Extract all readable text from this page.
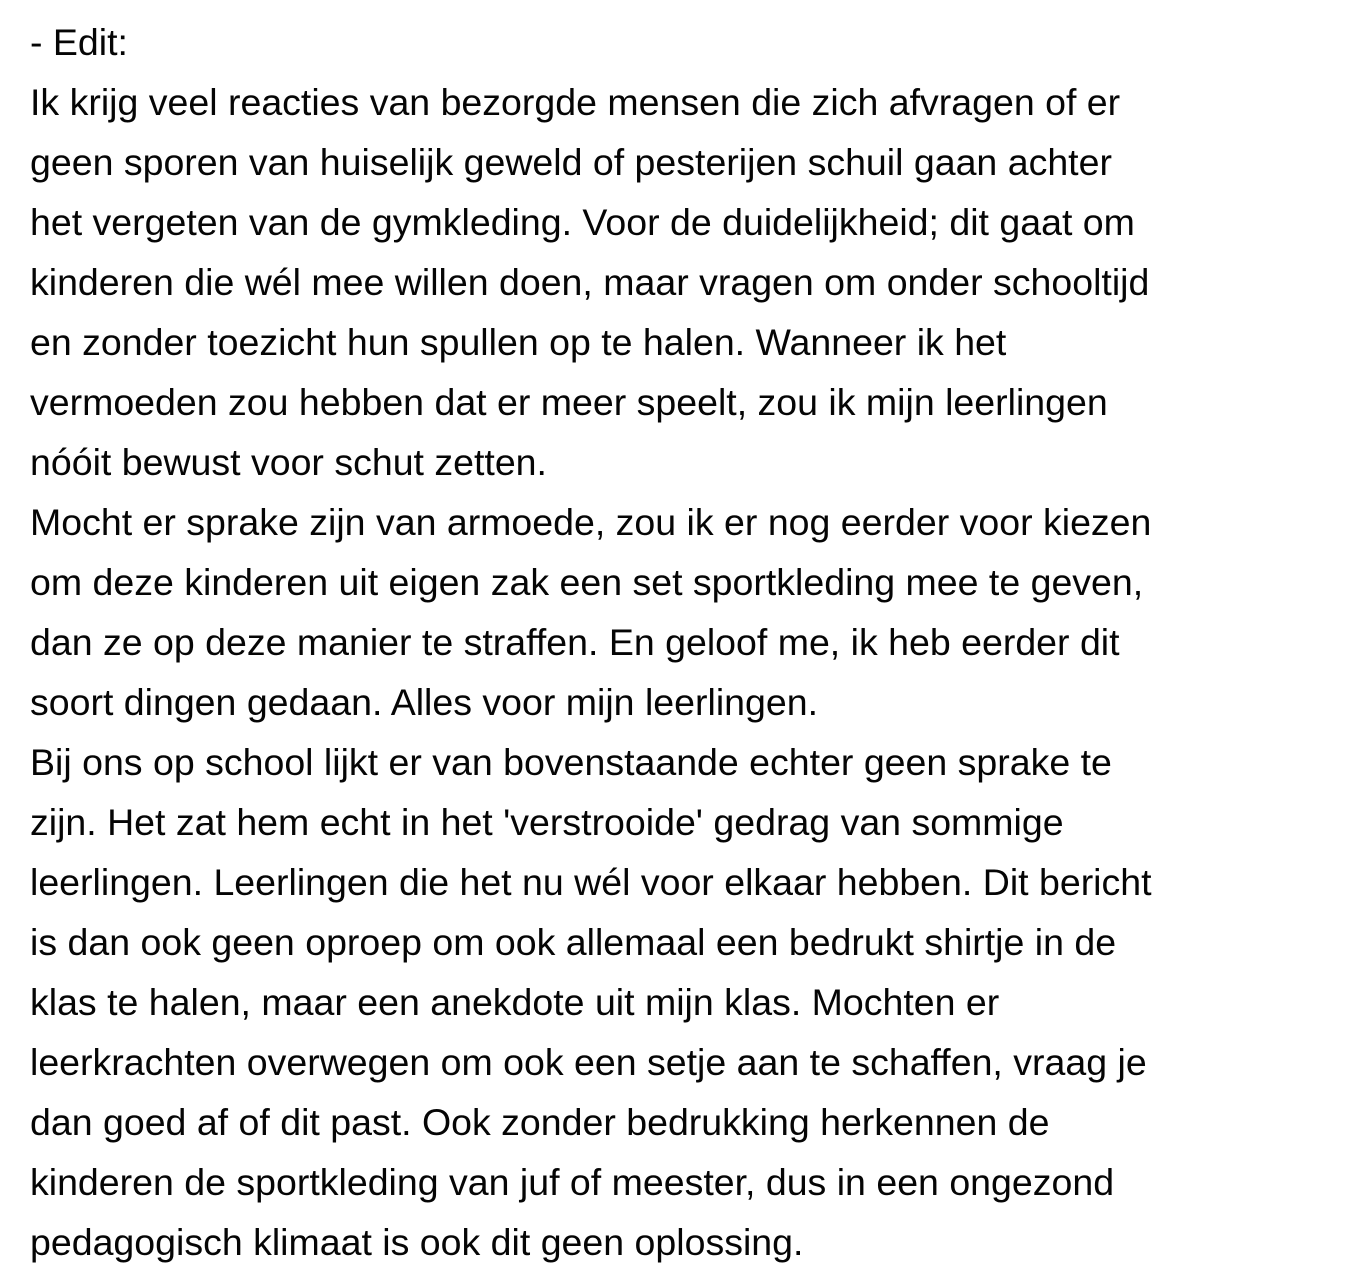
- Edit:
Ik krijg veel reacties van bezorgde mensen die zich afvragen of er
geen sporen van huiselijk geweld of pesterijen schuil gaan achter
het vergeten van de gymkleding. Voor de duidelijkheid; dit gaat om
kinderen die wél mee willen doen, maar vragen om onder schooltijd
en zonder toezicht hun spullen op te halen. Wanneer ik het
vermoeden zou hebben dat er meer speelt, zou ik mijn leerlingen
nóóit bewust voor schut zetten.
Mocht er sprake zijn van armoede, zou ik er nog eerder voor kiezen
om deze kinderen uit eigen zak een set sportkleding mee te geven,
dan ze op deze manier te straffen. En geloof me, ik heb eerder dit
soort dingen gedaan. Alles voor mijn leerlingen.
Bij ons op school lijkt er van bovenstaande echter geen sprake te
zijn. Het zat hem echt in het 'verstrooide' gedrag van sommige
leerlingen. Leerlingen die het nu wél voor elkaar hebben. Dit bericht
is dan ook geen oproep om ook allemaal een bedrukt shirtje in de
klas te halen, maar een anekdote uit mijn klas. Mochten er
leerkrachten overwegen om ook een setje aan te schaffen, vraag je
dan goed af of dit past. Ook zonder bedrukking herkennen de
kinderen de sportkleding van juf of meester, dus in een ongezond
pedagogisch klimaat is ook dit geen oplossing.
